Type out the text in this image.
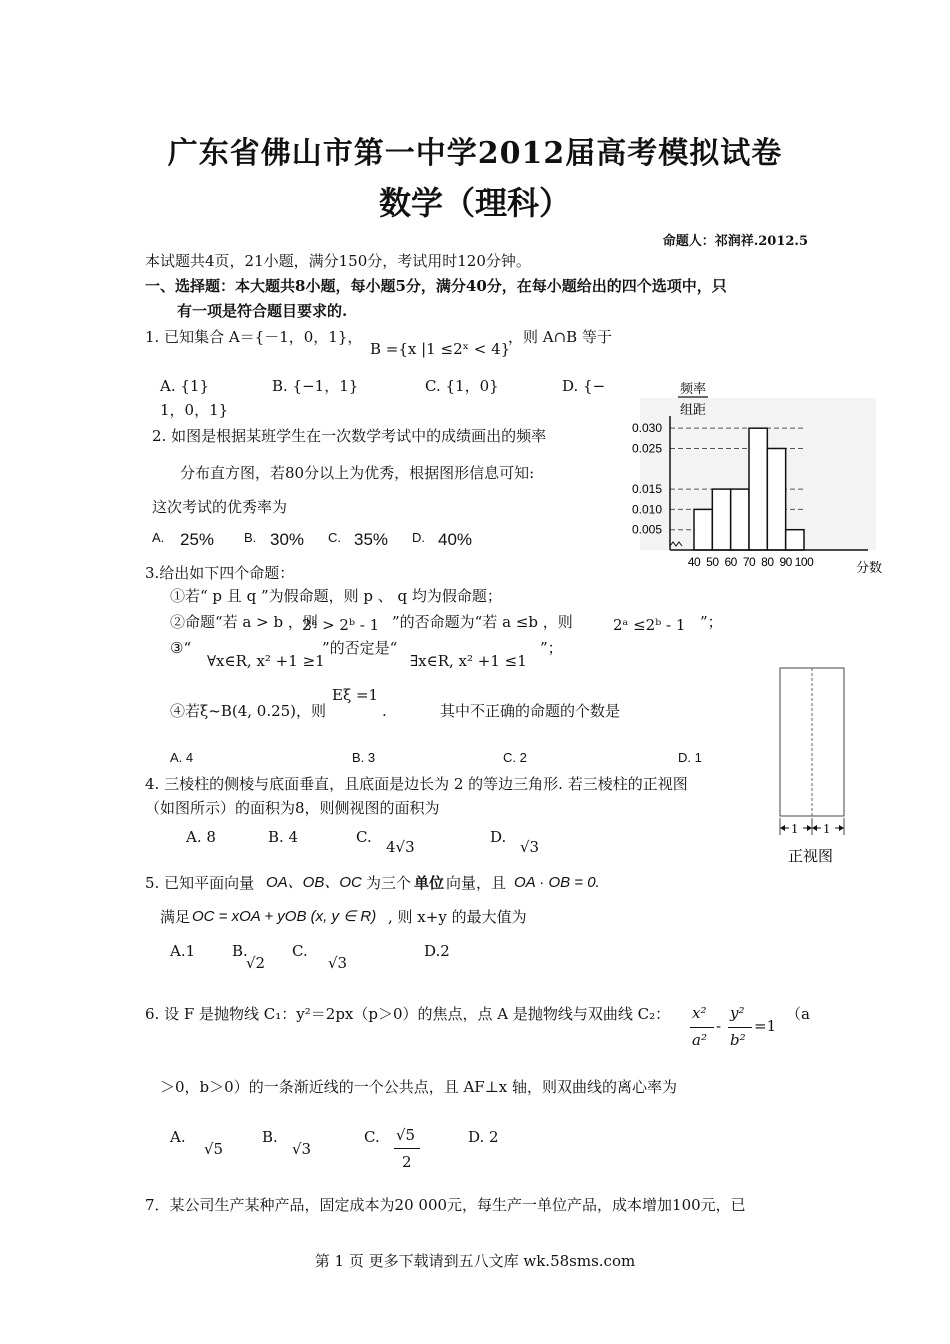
广东省佛山市第一中学2012届高考模拟试卷
数学（理科）
命题人：祁润祥.2012.5
本试题共4页，21小题，满分150分，考试用时120分钟。
一、选择题：本大题共8小题，每小题5分，满分40分，在每小题给出的四个选项中，只
有一项是符合题目要求的.
1. 已知集合 A＝{－1，0，1}，
B ={x |1 ≤2ˣ < 4}
，则 A∩B 等于
A. {1}	B. {−1，1}	C. {1，0}	D. {−
1，0，1}
2. 如图是根据某班学生在一次数学考试中的成绩画出的频率
分布直方图，若80分以上为优秀，根据图形信息可知:
这次考试的优秀率为
A. 25% B. 30% C. 35% D. 40%
频率
组距
0.030
0.025
0.015
0.010
0.005
40 50 60 70 80 90 100	分数
3.给出如下四个命题：
①若“ p 且 q ”为假命题，则 p 、 q 均为假命题；
②命题“若 a > b ，则
2ᵃ > 2ᵇ - 1 ”的否命题为“若 a ≤b ，则	2ᵃ ≤2ᵇ - 1 ”；
③“
∀x∈R, x² +1 ≥1
”的否定是“
∃x∈R, x² +1 ≤1
”；
④若ξ~B(4, 0.25)，则
Eξ =1
.	其中不正确的命题的个数是
A. 4	B. 3	C. 2	D. 1
1 1
正视图
4. 三棱柱的侧棱与底面垂直，且底面是边长为 2 的等边三角形. 若三棱柱的正视图
（如图所示）的面积为8，则侧视图的面积为
A. 8	B. 4	C.
4√3
D.
√3
5. 已知平面向量 OA、OB、OC 为三个 单位 向量，且 OA · OB = 0.
满足 OC = xOA + yOB (x, y ∈ R) , 则 x+y 的最大值为
A.1 B.
√2
C.
√3
D.2
6. 设 F 是抛物线 C₁：y²＝2px（p＞0）的焦点，点 A 是抛物线与双曲线 C₂： x²
a²
-
y²
b²
=1
（a
＞0，b＞0）的一条渐近线的一个公共点，且 AF⊥x 轴，则双曲线的离心率为
A.
√5
B.
√3
C. √5
2
D. 2
7．某公司生产某种产品，固定成本为20 000元，每生产一单位产品，成本增加100元，已
第 1 页 更多下载请到五八文库 wk.58sms.com
